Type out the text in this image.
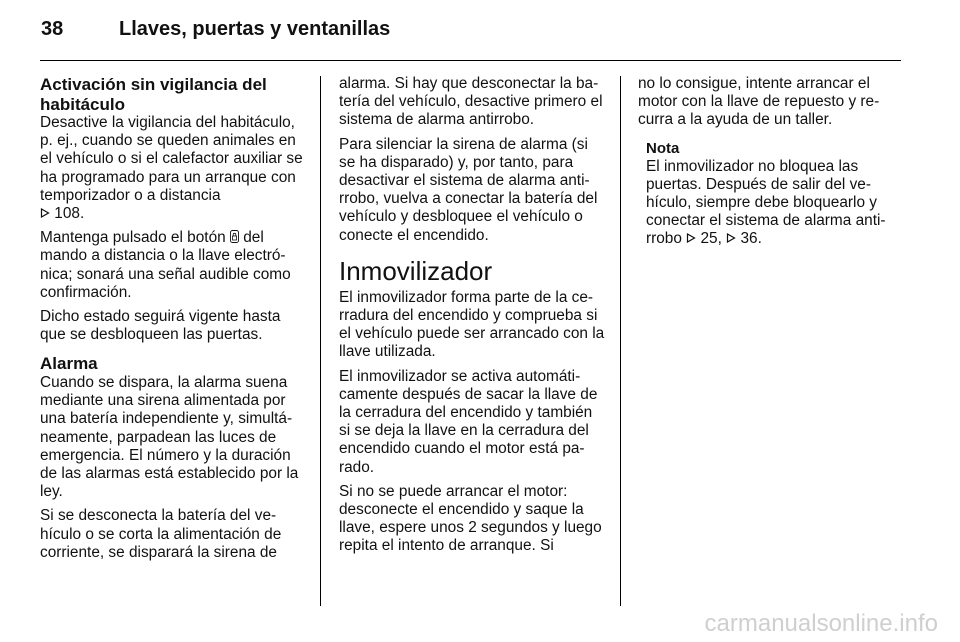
38	Llaves, puertas y ventanillas
Activación sin vigilancia del habitáculo

Desactive la vigilancia del habitáculo, p. ej., cuando se queden animales en el vehículo o si el calefactor auxiliar se ha programado para un arranque con temporizador o a distancia
108.

Mantenga pulsado el botón  del mando a distancia o la llave electró-nica; sonará una señal audible como confirmación.

Dicho estado seguirá vigente hasta que se desbloqueen las puertas.

Alarma

Cuando se dispara, la alarma suena mediante una sirena alimentada por una batería independiente y, simultá-neamente, parpadean las luces de emergencia. El número y la duración de las alarmas está establecido por la ley.

Si se desconecta la batería del ve-hículo o se corta la alimentación de corriente, se disparará la sirena de

alarma. Si hay que desconectar la ba-tería del vehículo, desactive primero el sistema de alarma antirrobo.

Para silenciar la sirena de alarma (si se ha disparado) y, por tanto, para desactivar el sistema de alarma anti-rrobo, vuelva a conectar la batería del vehículo y desbloquee el vehículo o conecte el encendido.

Inmovilizador

El inmovilizador forma parte de la ce-rradura del encendido y comprueba si el vehículo puede ser arrancado con la llave utilizada.

El inmovilizador se activa automáti-camente después de sacar la llave de la cerradura del encendido y también si se deja la llave en la cerradura del encendido cuando el motor está pa-rado.

Si no se puede arrancar el motor: desconecte el encendido y saque la llave, espere unos 2 segundos y luego repita el intento de arranque. Si

no lo consigue, intente arrancar el motor con la llave de repuesto y re-curra a la ayuda de un taller.

Nota

El inmovilizador no bloquea las puertas. Después de salir del ve-hículo, siempre debe bloquearlo y conectar el sistema de alarma anti-rrobo 25, 36.

carmanualsonline.info
